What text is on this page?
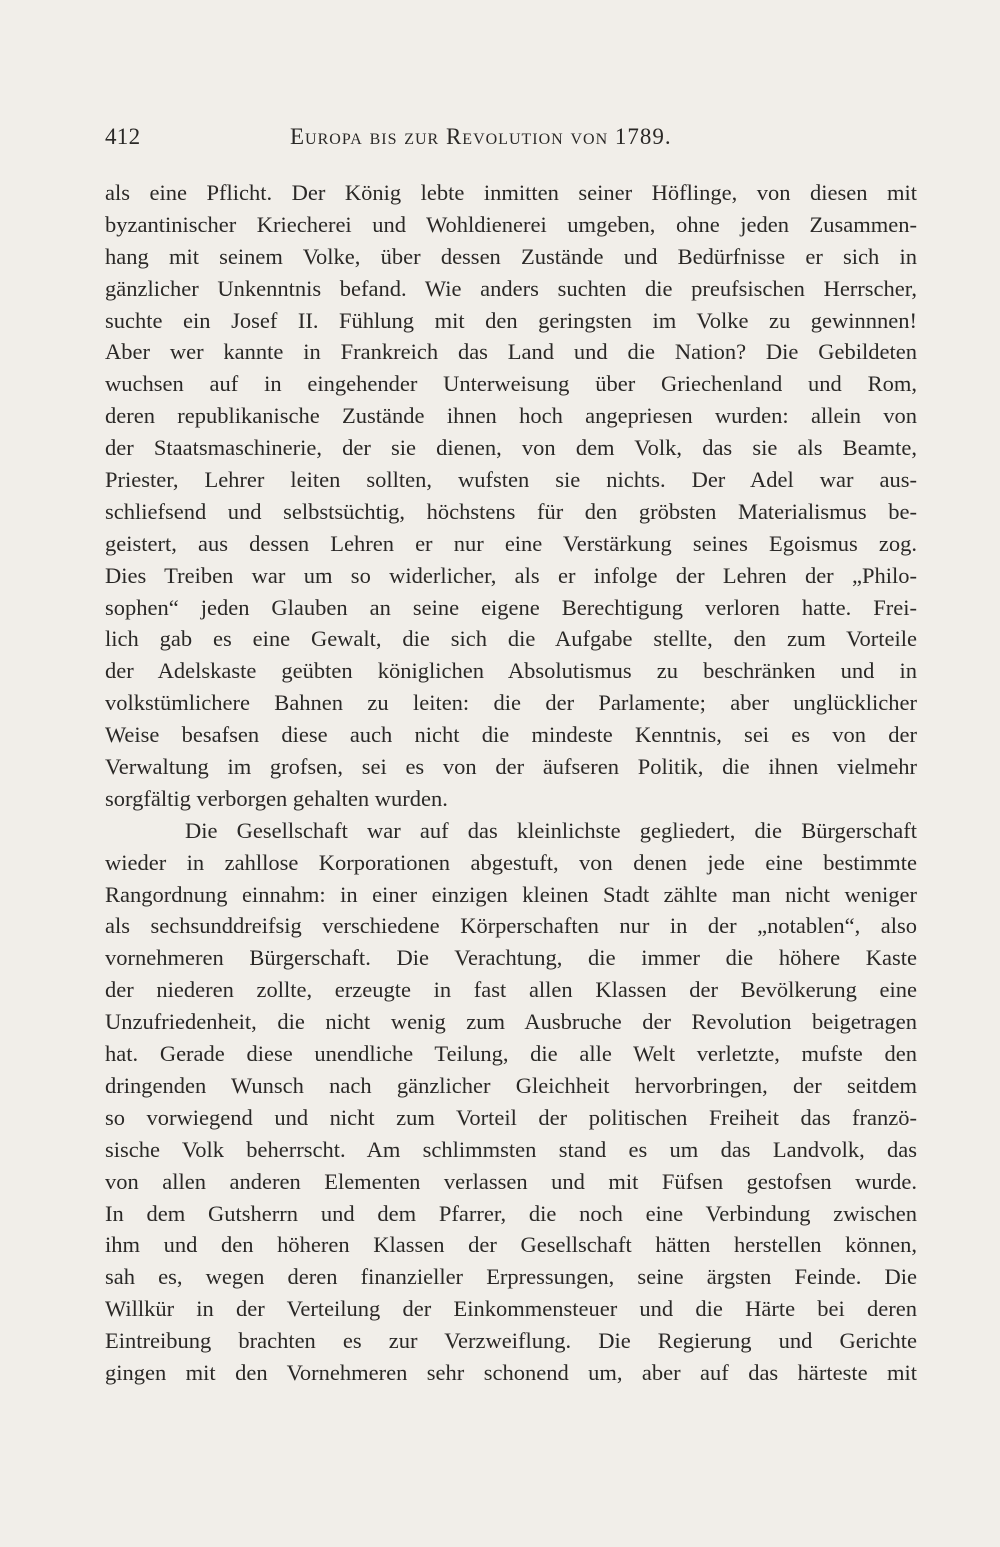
412	Europa bis zur Revolution von 1789.
als eine Pflicht. Der König lebte inmitten seiner Höflinge, von diesen mit
byzantinischer Kriecherei und Wohldienerei umgeben, ohne jeden Zusammen-
hang mit seinem Volke, über dessen Zustände und Bedürfnisse er sich in
gänzlicher Unkenntnis befand. Wie anders suchten die preufsischen Herrscher,
suchte ein Josef II. Fühlung mit den geringsten im Volke zu gewinnnen!
Aber wer kannte in Frankreich das Land und die Nation? Die Gebildeten
wuchsen auf in eingehender Unterweisung über Griechenland und Rom,
deren republikanische Zustände ihnen hoch angepriesen wurden: allein von
der Staatsmaschinerie, der sie dienen, von dem Volk, das sie als Beamte,
Priester, Lehrer leiten sollten, wufsten sie nichts. Der Adel war aus-
schliefsend und selbstsüchtig, höchstens für den gröbsten Materialismus be-
geistert, aus dessen Lehren er nur eine Verstärkung seines Egoismus zog.
Dies Treiben war um so widerlicher, als er infolge der Lehren der „Philo-
sophen“ jeden Glauben an seine eigene Berechtigung verloren hatte. Frei-
lich gab es eine Gewalt, die sich die Aufgabe stellte, den zum Vorteile
der Adelskaste geübten königlichen Absolutismus zu beschränken und in
volkstümlichere Bahnen zu leiten: die der Parlamente; aber unglücklicher
Weise besafsen diese auch nicht die mindeste Kenntnis, sei es von der
Verwaltung im grofsen, sei es von der äufseren Politik, die ihnen vielmehr
sorgfältig verborgen gehalten wurden.
Die Gesellschaft war auf das kleinlichste gegliedert, die Bürgerschaft
wieder in zahllose Korporationen abgestuft, von denen jede eine bestimmte
Rangordnung einnahm: in einer einzigen kleinen Stadt zählte man nicht weniger
als sechsunddreifsig verschiedene Körperschaften nur in der „notablen“, also
vornehmeren Bürgerschaft. Die Verachtung, die immer die höhere Kaste
der niederen zollte, erzeugte in fast allen Klassen der Bevölkerung eine
Unzufriedenheit, die nicht wenig zum Ausbruche der Revolution beigetragen
hat. Gerade diese unendliche Teilung, die alle Welt verletzte, mufste den
dringenden Wunsch nach gänzlicher Gleichheit hervorbringen, der seitdem
so vorwiegend und nicht zum Vorteil der politischen Freiheit das franzö-
sische Volk beherrscht. Am schlimmsten stand es um das Landvolk, das
von allen anderen Elementen verlassen und mit Füfsen gestofsen wurde.
In dem Gutsherrn und dem Pfarrer, die noch eine Verbindung zwischen
ihm und den höheren Klassen der Gesellschaft hätten herstellen können,
sah es, wegen deren finanzieller Erpressungen, seine ärgsten Feinde. Die
Willkür in der Verteilung der Einkommensteuer und die Härte bei deren
Eintreibung brachten es zur Verzweiflung. Die Regierung und Gerichte
gingen mit den Vornehmeren sehr schonend um, aber auf das härteste mit
